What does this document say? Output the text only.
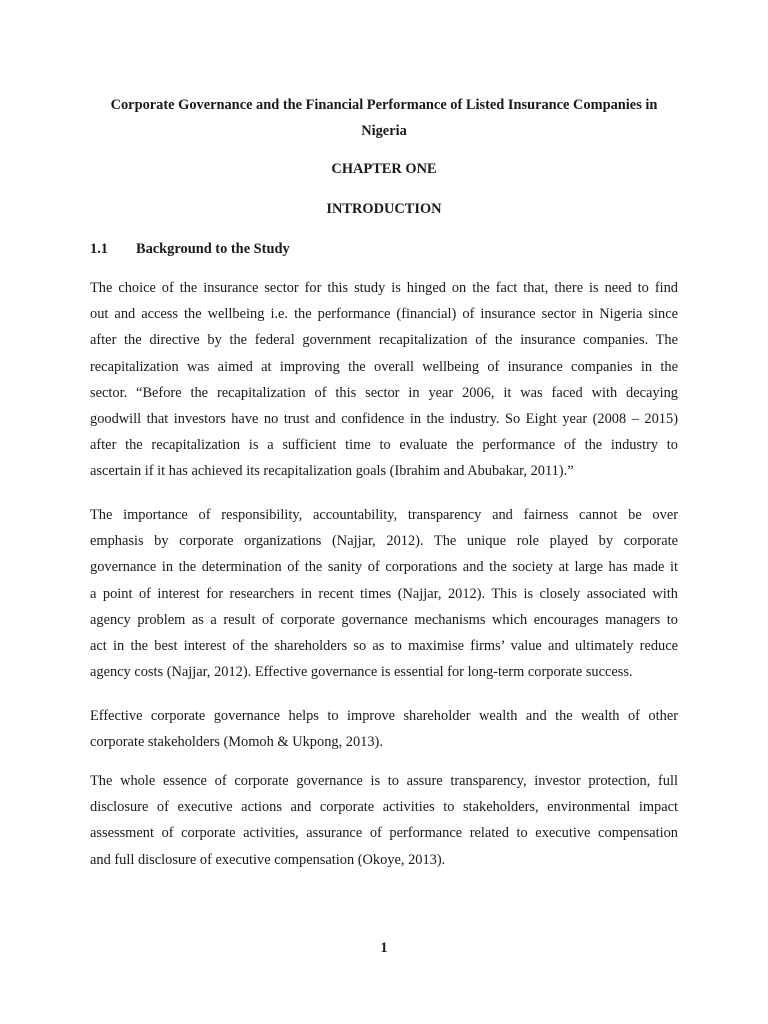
Corporate Governance and the Financial Performance of Listed Insurance Companies in
Nigeria
CHAPTER ONE
INTRODUCTION
1.1 Background to the Study

The choice of the insurance sector for this study is hinged on the fact that, there is need to find
out and access the wellbeing i.e. the performance (financial) of insurance sector in Nigeria since
after the directive by the federal government recapitalization of the insurance companies. The
recapitalization was aimed at improving the overall wellbeing of insurance companies in the
sector. “Before the recapitalization of this sector in year 2006, it was faced with decaying
goodwill that investors have no trust and confidence in the industry. So Eight year (2008 – 2015)
after the recapitalization is a sufficient time to evaluate the performance of the industry to
ascertain if it has achieved its recapitalization goals (Ibrahim and Abubakar, 2011).”

The importance of responsibility, accountability, transparency and fairness cannot be over
emphasis by corporate organizations (Najjar, 2012). The unique role played by corporate
governance in the determination of the sanity of corporations and the society at large has made it
a point of interest for researchers in recent times (Najjar, 2012). This is closely associated with
agency problem as a result of corporate governance mechanisms which encourages managers to
act in the best interest of the shareholders so as to maximise firms’ value and ultimately reduce
agency costs (Najjar, 2012). Effective governance is essential for long-term corporate success.

Effective corporate governance helps to improve shareholder wealth and the wealth of other
corporate stakeholders (Momoh & Ukpong, 2013).

The whole essence of corporate governance is to assure transparency, investor protection, full
disclosure of executive actions and corporate activities to stakeholders, environmental impact
assessment of corporate activities, assurance of performance related to executive compensation
and full disclosure of executive compensation (Okoye, 2013).

1
